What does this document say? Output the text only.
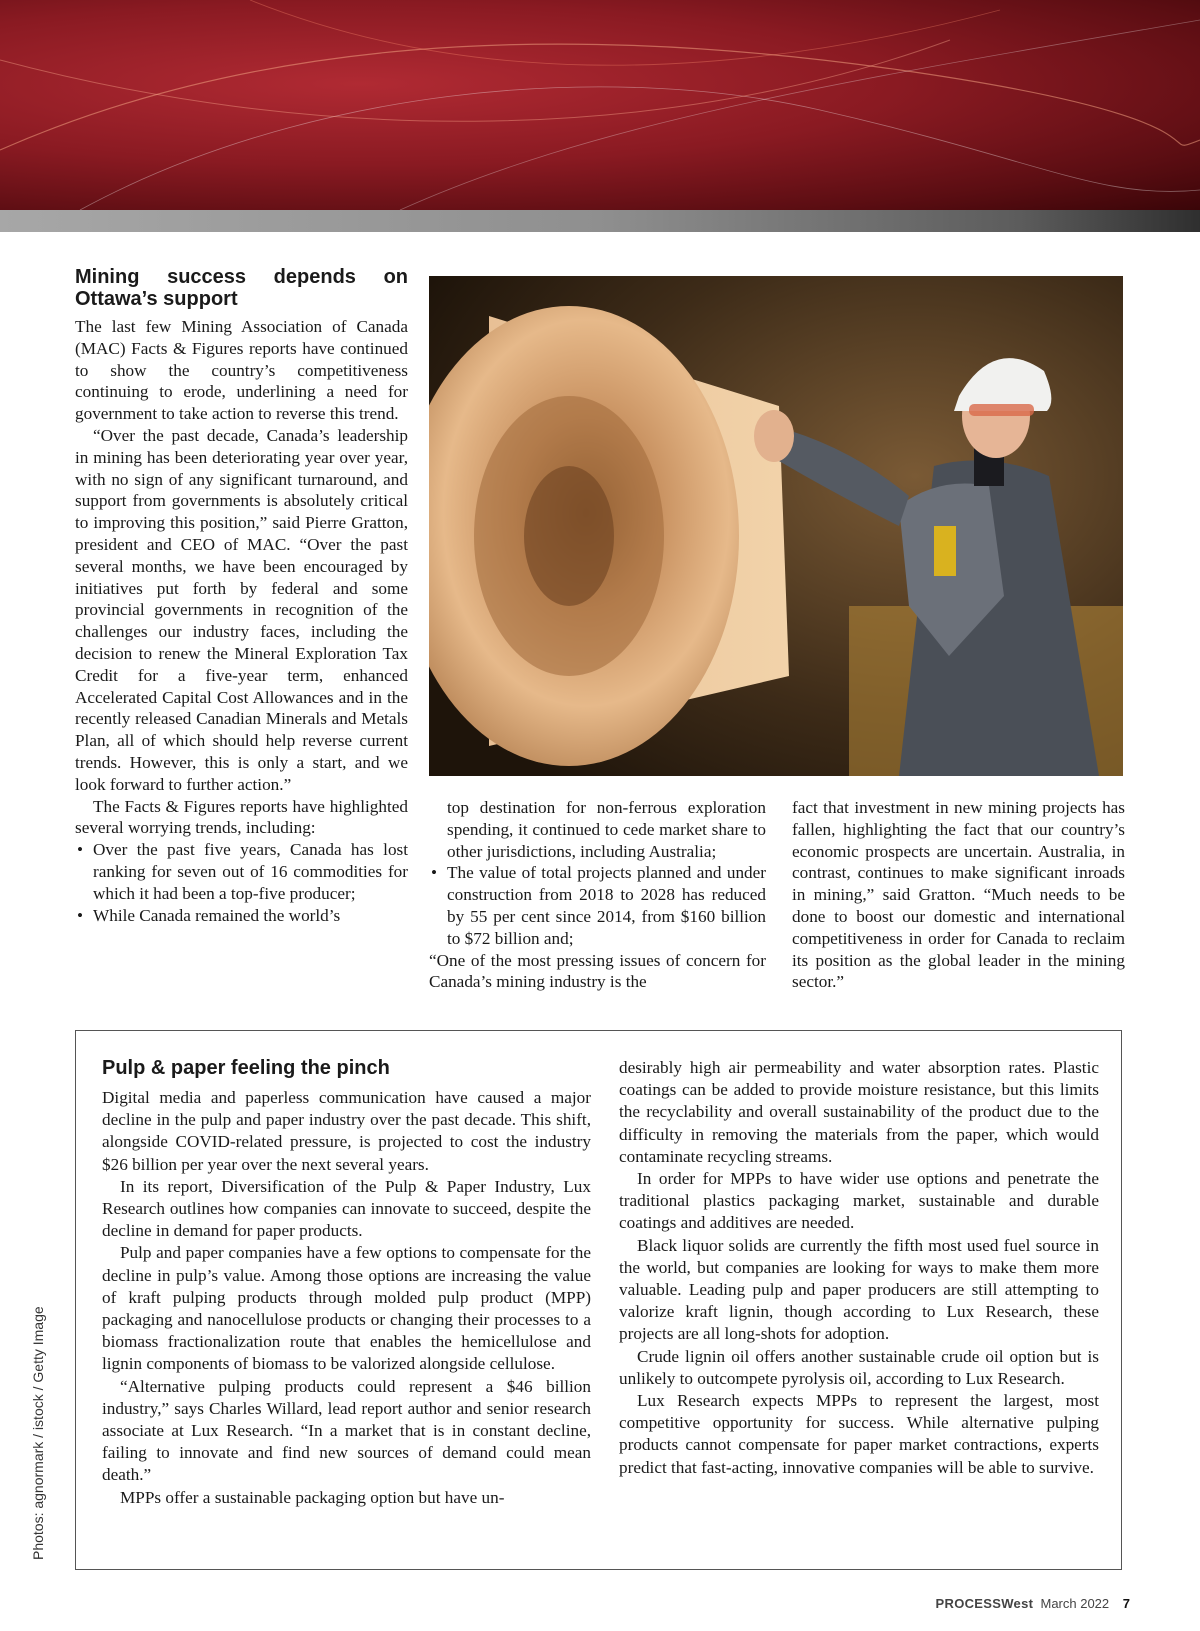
Mining success depends on Ottawa’s support

The last few Mining Association of Canada (MAC) Facts & Figures reports have continued to show the country’s competitiveness continuing to erode, underlining a need for government to take action to reverse this trend.

“Over the past decade, Canada’s leadership in mining has been deteriorating year over year, with no sign of any significant turnaround, and support from governments is absolutely critical to improving this position,” said Pierre Gratton, president and CEO of MAC. “Over the past several months, we have been encouraged by initiatives put forth by federal and some provincial governments in recognition of the challenges our industry faces, including the decision to renew the Mineral Exploration Tax Credit for a five-year term, enhanced Accelerated Capital Cost Allowances and in the recently released Canadian Minerals and Metals Plan, all of which should help reverse current trends. However, this is only a start, and we look forward to further action.”

The Facts & Figures reports have highlighted several worrying trends, including:

• Over the past five years, Canada has lost ranking for seven out of 16 commodities for which it had been a top-five producer;
• While Canada remained the world’s

top destination for non-ferrous exploration spending, it continued to cede market share to other jurisdictions, including Australia;

• The value of total projects planned and under construction from 2018 to 2028 has reduced by 55 per cent since 2014, from $160 billion to $72 billion and;

“One of the most pressing issues of concern for Canada’s mining industry is the

fact that investment in new mining projects has fallen, highlighting the fact that our country’s economic prospects are uncertain. Australia, in contrast, continues to make significant inroads in mining,” said Gratton. “Much needs to be done to boost our domestic and international competitiveness in order for Canada to reclaim its position as the global leader in the mining sector.”

Pulp & paper feeling the pinch

Digital media and paperless communication have caused a major decline in the pulp and paper industry over the past decade. This shift, alongside COVID-related pressure, is projected to cost the industry $26 billion per year over the next several years.

In its report, Diversification of the Pulp & Paper Industry, Lux Research outlines how companies can innovate to succeed, despite the decline in demand for paper products.

Pulp and paper companies have a few options to compensate for the decline in pulp’s value. Among those options are increasing the value of kraft pulping products through molded pulp product (MPP) packaging and nanocellulose products or changing their processes to a biomass fractionalization route that enables the hemicellulose and lignin components of biomass to be valorized alongside cellulose.

“Alternative pulping products could represent a $46 billion industry,” says Charles Willard, lead report author and senior research associate at Lux Research. “In a market that is in constant decline, failing to innovate and find new sources of demand could mean death.”

MPPs offer a sustainable packaging option but have un-

desirably high air permeability and water absorption rates. Plastic coatings can be added to provide moisture resistance, but this limits the recyclability and overall sustainability of the product due to the difficulty in removing the materials from the paper, which would contaminate recycling streams.

In order for MPPs to have wider use options and penetrate the traditional plastics packaging market, sustainable and durable coatings and additives are needed.

Black liquor solids are currently the fifth most used fuel source in the world, but companies are looking for ways to make them more valuable. Leading pulp and paper producers are still attempting to valorize kraft lignin, though according to Lux Research, these projects are all long-shots for adoption.

Crude lignin oil offers another sustainable crude oil option but is unlikely to outcompete pyrolysis oil, according to Lux Research.

Lux Research expects MPPs to represent the largest, most competitive opportunity for success. While alternative pulping products cannot compensate for paper market contractions, experts predict that fast-acting, innovative companies will be able to survive.

Photos: agnormark / istock / Getty Image
PROCESSWest March 2022 7
